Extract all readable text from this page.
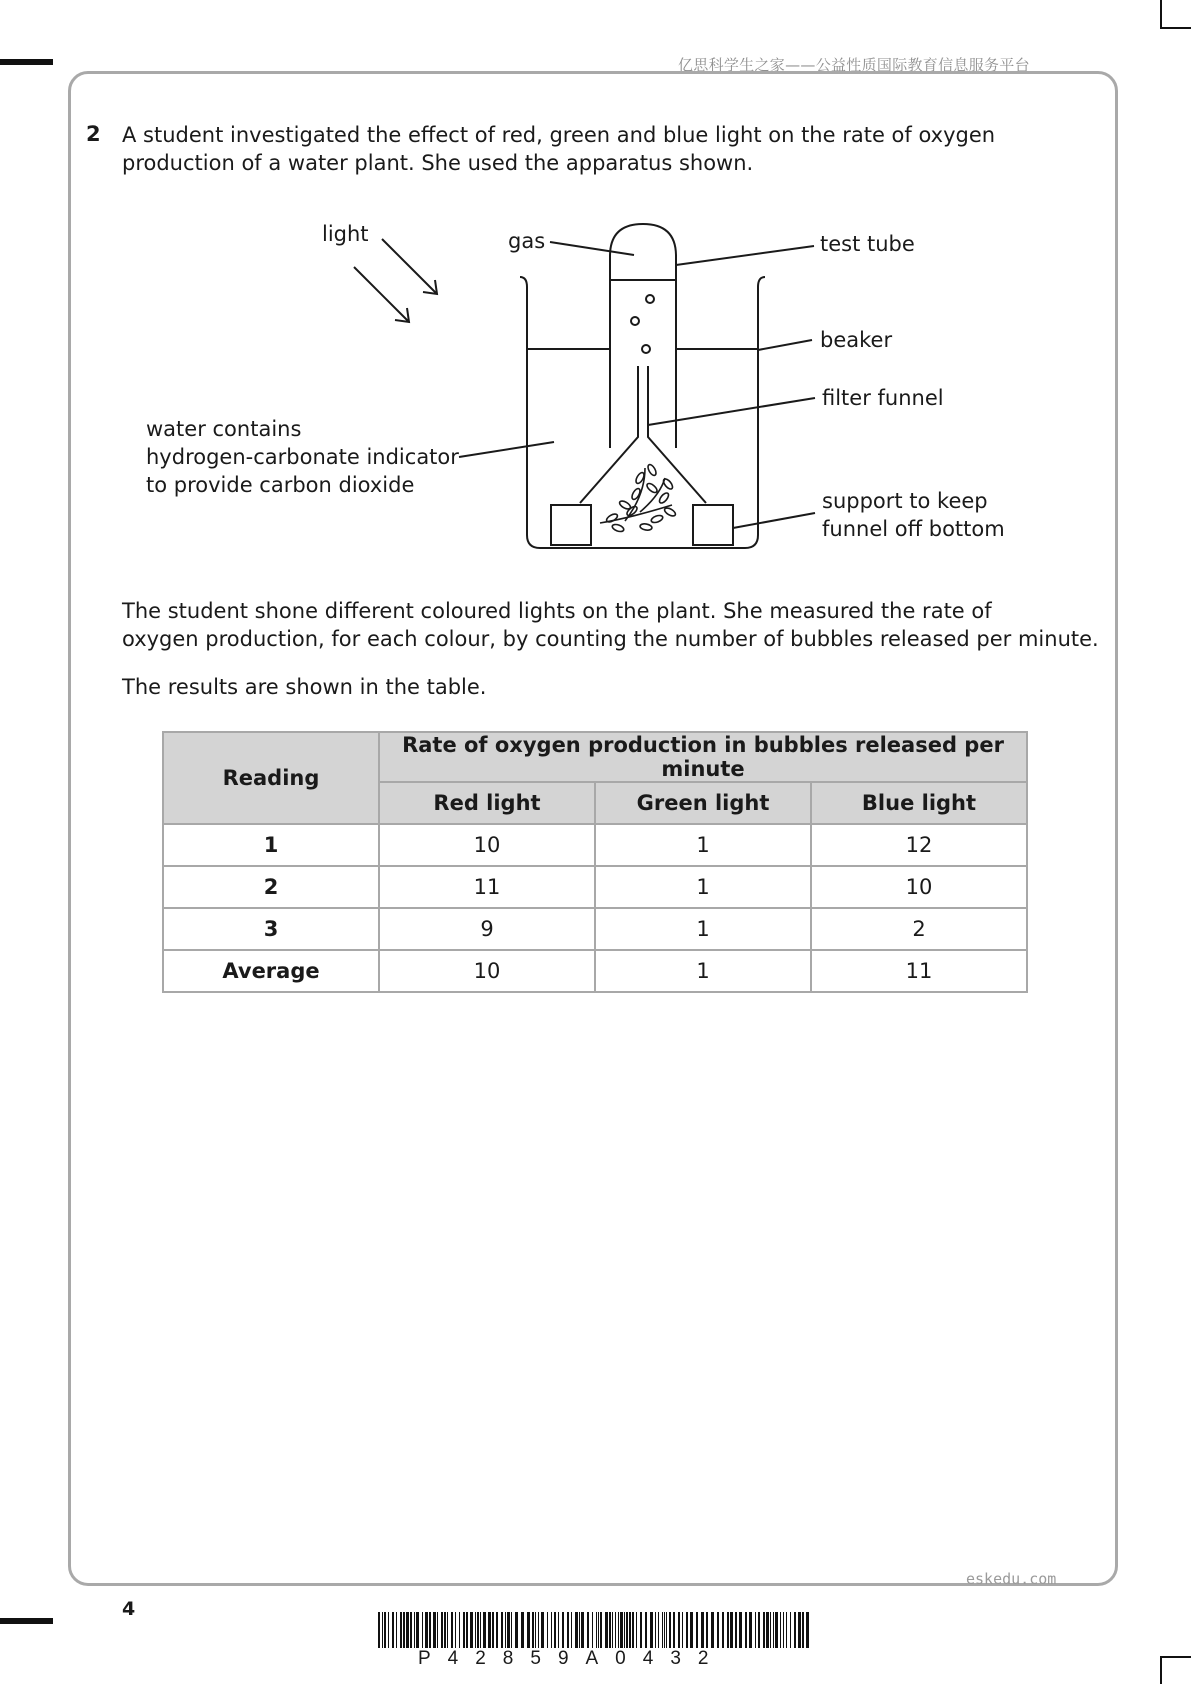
亿思科学生之家——公益性质国际教育信息服务平台
2 A student investigated the effect of red, green and blue light on the rate of oxygen

production of a water plant. She used the apparatus shown.

light	gas	test tube
beaker
filter funnel
water contains
hydrogen-carbonate indicator
to provide carbon dioxide
support to keep
funnel off bottom

The student shone different coloured lights on the plant. She measured the rate of

oxygen production, for each colour, by counting the number of bubbles released per minute.

The results are shown in the table.

Reading	Rate of oxygen production in bubbles released per minute		
	Red light	Green light	Blue light
1	10	1	12
2	11	1	10
3	9	1	2
Average	10	1	11
eskedu.com
4
P42859A0432
